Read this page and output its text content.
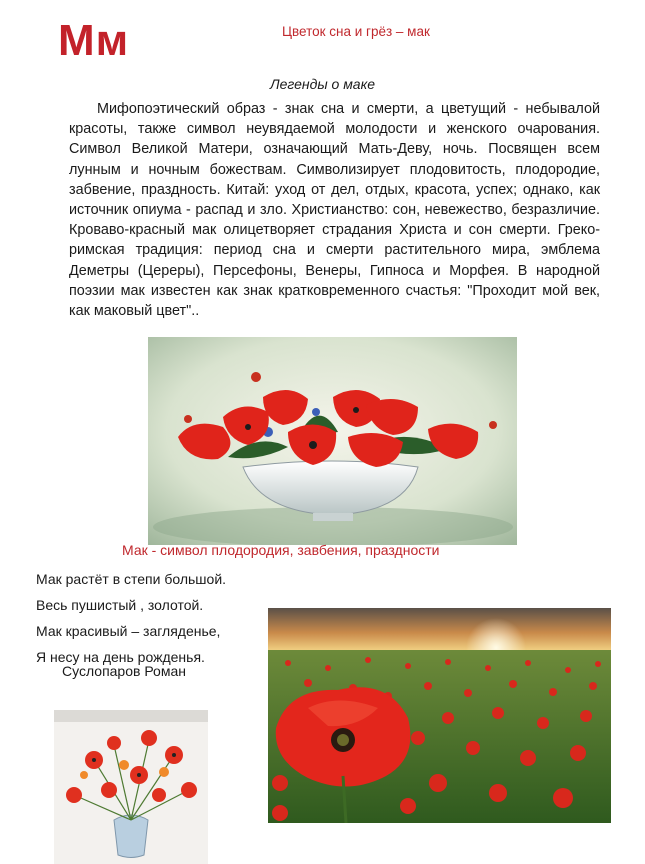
Мм	Цветок сна и грёз – мак
Легенды о маке

Мифопоэтический образ - знак сна и смерти, а цветущий - небывалой красоты, также символ неувядаемой молодости и женского очарования. Символ Великой Матери, означающий Мать-Деву, ночь. Посвящен всем лунным и ночным божествам. Символизирует плодовитость, плодородие, забвение, праздность. Китай: уход от дел, отдых, красота, успех; однако, как источник опиума - распад и зло. Христианство: сон, невежество, безразличие. Кроваво-красный мак олицетворяет страдания Христа и сон смерти. Греко-римская традиция: период сна и смерти растительного мира, эмблема Деметры (Цереры), Персефоны, Венеры, Гипноса и Морфея. В народной поэзии мак известен как знак кратковременного счастья: "Проходит мой век, как маковый цвет"..

Мак - символ плодородия, завбения, праздности
Мак растёт в степи большой.
Весь пушистый , золотой.
Мак красивый – загляденье,
Я несу на день рожденья.
Суслопаров Роман
